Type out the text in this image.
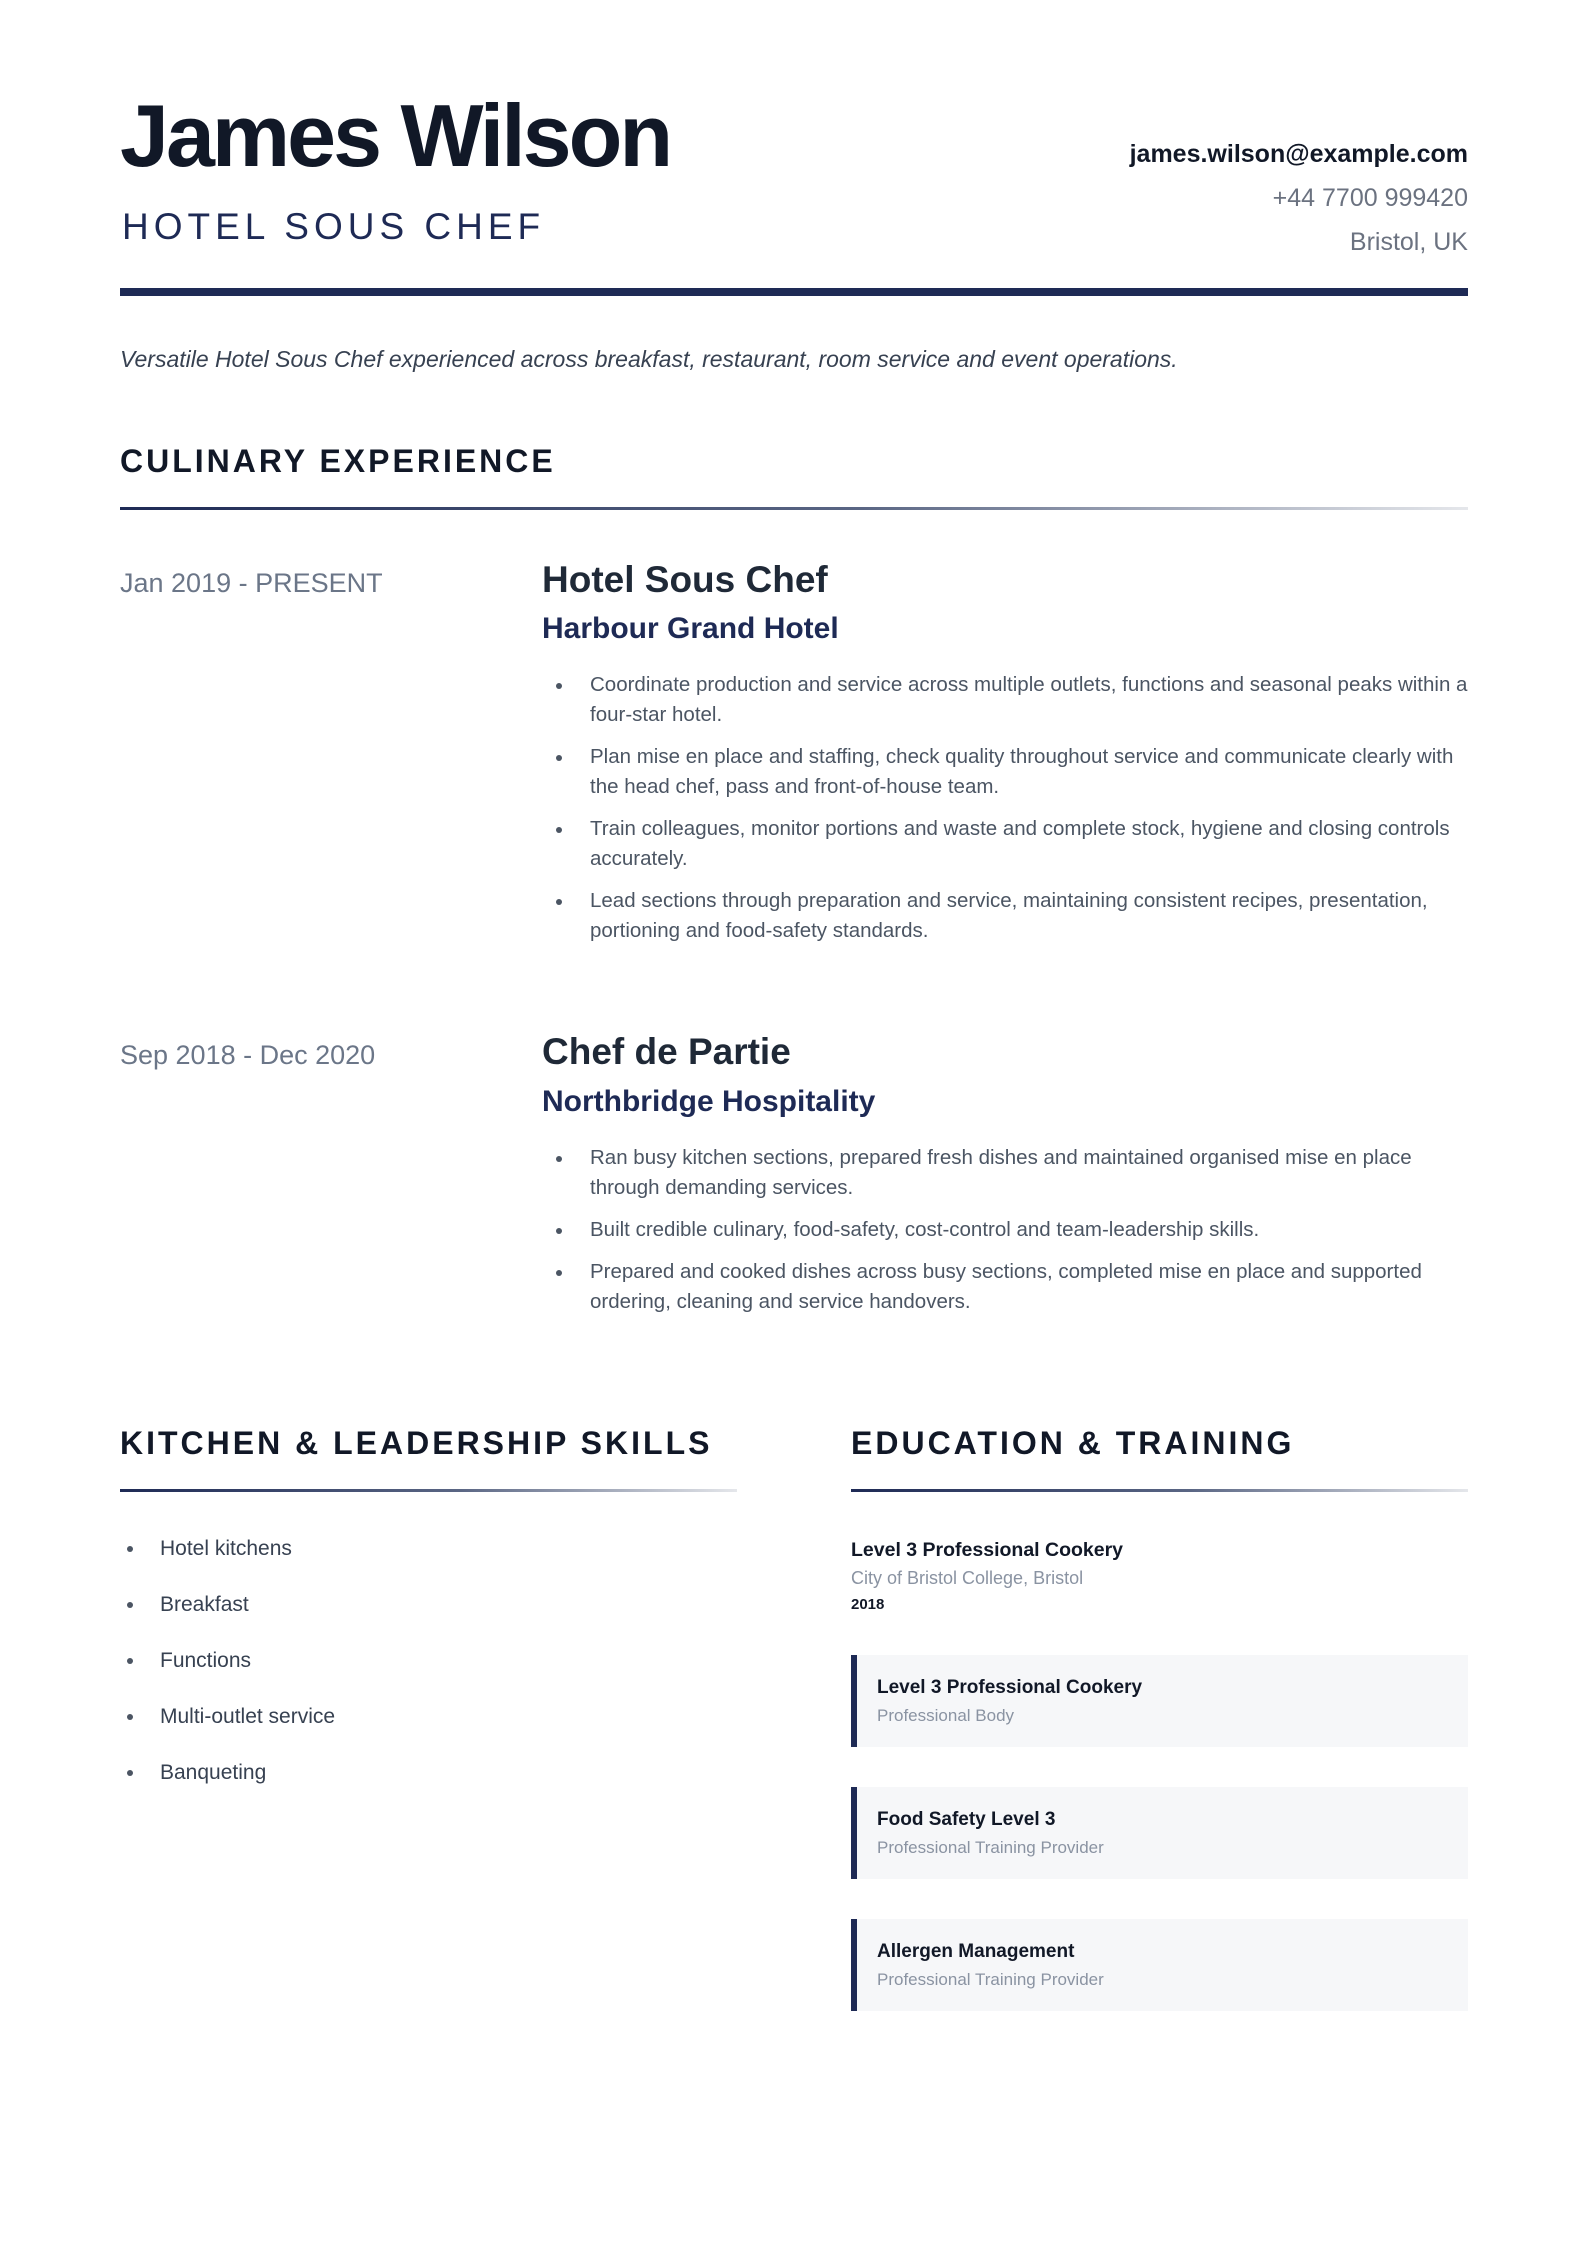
James Wilson
HOTEL SOUS CHEF
james.wilson@example.com
+44 7700 999420
Bristol, UK

Versatile Hotel Sous Chef experienced across breakfast, restaurant, room service and event operations.

CULINARY EXPERIENCE
Jan 2019 - PRESENT	Hotel Sous Chef
Harbour Grand Hotel
Coordinate production and service across multiple outlets, functions and seasonal peaks within a four-star hotel.
Plan mise en place and staffing, check quality throughout service and communicate clearly with the head chef, pass and front-of-house team.
Train colleagues, monitor portions and waste and complete stock, hygiene and closing controls accurately.
Lead sections through preparation and service, maintaining consistent recipes, presentation, portioning and food-safety standards.
Sep 2018 - Dec 2020	Chef de Partie
Northbridge Hospitality
Ran busy kitchen sections, prepared fresh dishes and maintained organised mise en place through demanding services.
Built credible culinary, food-safety, cost-control and team-leadership skills.
Prepared and cooked dishes across busy sections, completed mise en place and supported ordering, cleaning and service handovers.
KITCHEN & LEADERSHIP SKILLS
Hotel kitchens
Breakfast
Functions
Multi-outlet service
Banqueting
EDUCATION & TRAINING
Level 3 Professional Cookery
City of Bristol College, Bristol
2018
Level 3 Professional Cookery
Professional Body
Food Safety Level 3
Professional Training Provider
Allergen Management
Professional Training Provider
